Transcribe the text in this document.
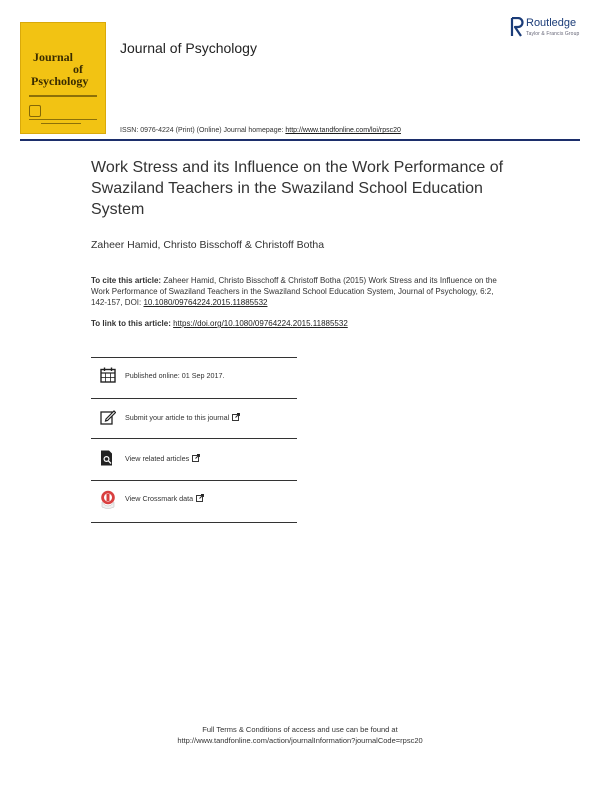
Journal
of
Psychology
Journal of Psychology
Routledge
Taylor & Francis Group
ISSN: 0976-4224 (Print) (Online) Journal homepage: http://www.tandfonline.com/loi/rpsc20
Work Stress and its Influence on the Work Performance of Swaziland Teachers in the Swaziland School Education System
Zaheer Hamid, Christo Bisschoff & Christoff Botha
To cite this article: Zaheer Hamid, Christo Bisschoff & Christoff Botha (2015) Work Stress and its Influence on the Work Performance of Swaziland Teachers in the Swaziland School Education System, Journal of Psychology, 6:2, 142-157, DOI: 10.1080/09764224.2015.11885532
To link to this article: https://doi.org/10.1080/09764224.2015.11885532
Published online: 01 Sep 2017.
Submit your article to this journal
View related articles
View Crossmark data
Full Terms & Conditions of access and use can be found at
http://www.tandfonline.com/action/journalInformation?journalCode=rpsc20
